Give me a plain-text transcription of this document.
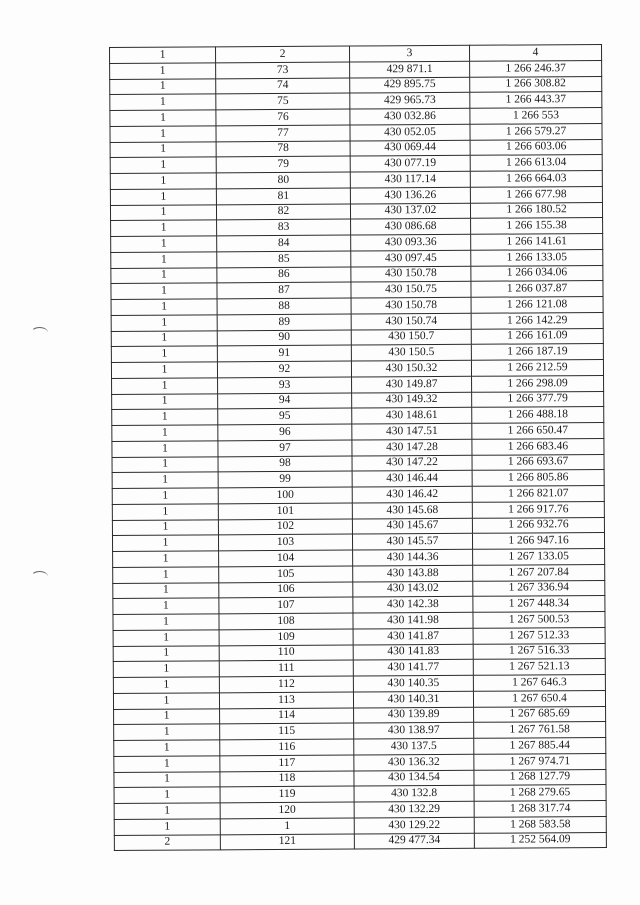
1	2	3	4
1	73	429 871.1	1 266 246.37
1	74	429 895.75	1 266 308.82
1	75	429 965.73	1 266 443.37
1	76	430 032.86	1 266 553
1	77	430 052.05	1 266 579.27
1	78	430 069.44	1 266 603.06
1	79	430 077.19	1 266 613.04
1	80	430 117.14	1 266 664.03
1	81	430 136.26	1 266 677.98
1	82	430 137.02	1 266 180.52
1	83	430 086.68	1 266 155.38
1	84	430 093.36	1 266 141.61
1	85	430 097.45	1 266 133.05
1	86	430 150.78	1 266 034.06
1	87	430 150.75	1 266 037.87
1	88	430 150.78	1 266 121.08
1	89	430 150.74	1 266 142.29
1	90	430 150.7	1 266 161.09
1	91	430 150.5	1 266 187.19
1	92	430 150.32	1 266 212.59
1	93	430 149.87	1 266 298.09
1	94	430 149.32	1 266 377.79
1	95	430 148.61	1 266 488.18
1	96	430 147.51	1 266 650.47
1	97	430 147.28	1 266 683.46
1	98	430 147.22	1 266 693.67
1	99	430 146.44	1 266 805.86
1	100	430 146.42	1 266 821.07
1	101	430 145.68	1 266 917.76
1	102	430 145.67	1 266 932.76
1	103	430 145.57	1 266 947.16
1	104	430 144.36	1 267 133.05
1	105	430 143.88	1 267 207.84
1	106	430 143.02	1 267 336.94
1	107	430 142.38	1 267 448.34
1	108	430 141.98	1 267 500.53
1	109	430 141.87	1 267 512.33
1	110	430 141.83	1 267 516.33
1	111	430 141.77	1 267 521.13
1	112	430 140.35	1 267 646.3
1	113	430 140.31	1 267 650.4
1	114	430 139.89	1 267 685.69
1	115	430 138.97	1 267 761.58
1	116	430 137.5	1 267 885.44
1	117	430 136.32	1 267 974.71
1	118	430 134.54	1 268 127.79
1	119	430 132.8	1 268 279.65
1	120	430 132.29	1 268 317.74
1	1	430 129.22	1 268 583.58
2	121	429 477.34	1 252 564.09
